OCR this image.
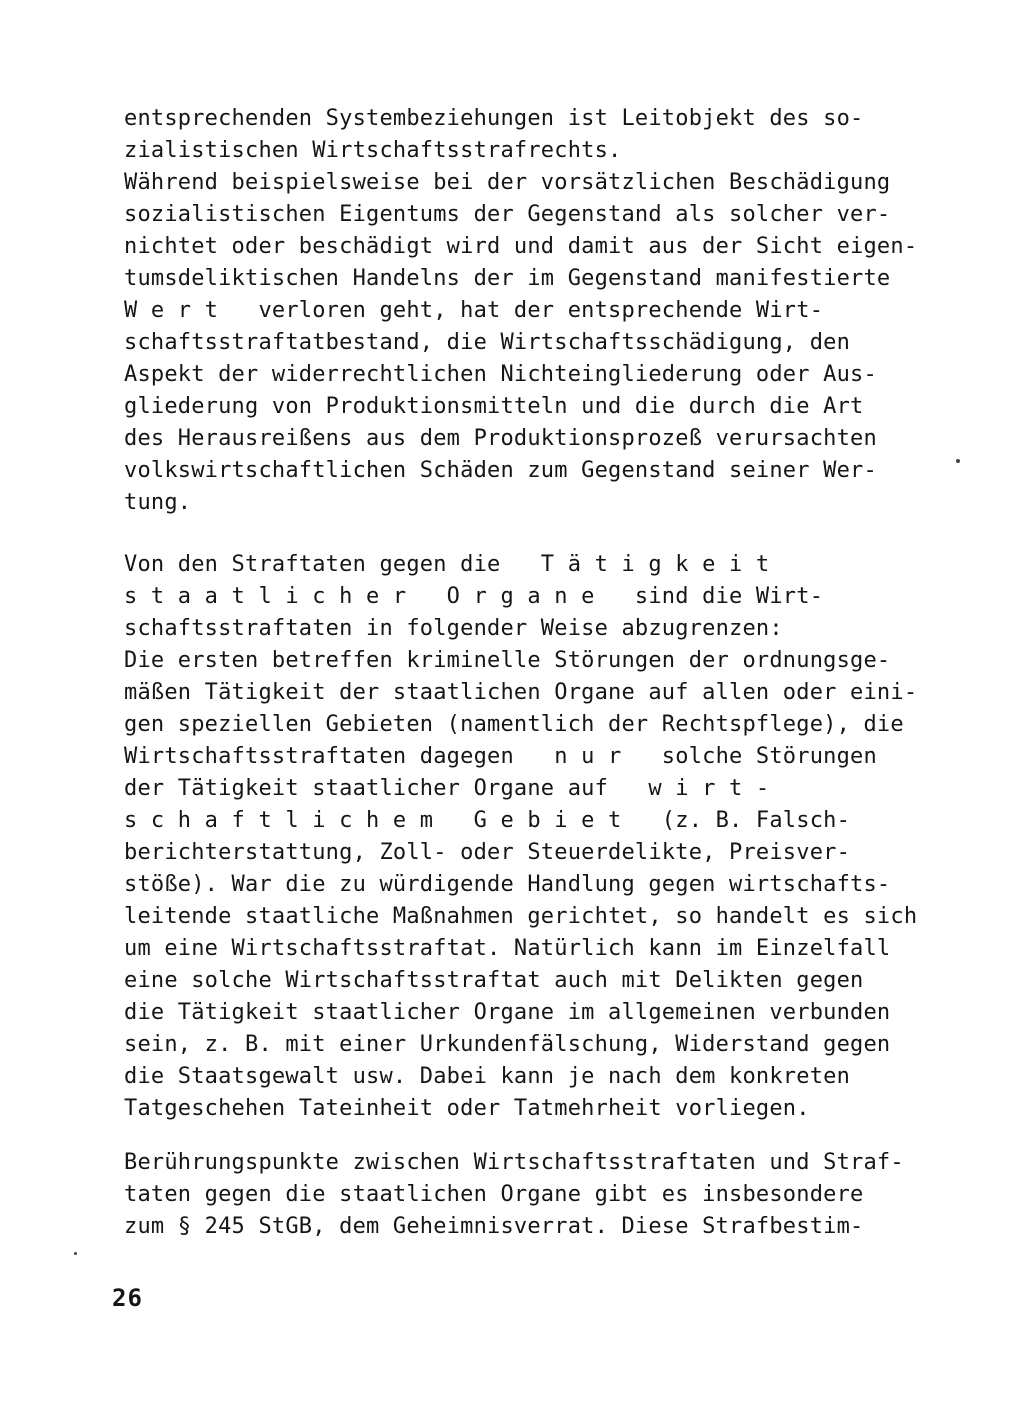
entsprechenden Systembeziehungen ist Leitobjekt des so-
zialistischen Wirtschaftsstrafrechts.
Während beispielsweise bei der vorsätzlichen Beschädigung
sozialistischen Eigentums der Gegenstand als solcher ver-
nichtet oder beschädigt wird und damit aus der Sicht eigen-
tumsdeliktischen Handelns der im Gegenstand manifestierte
W e r t   verloren geht, hat der entsprechende Wirt-
schaftsstraftatbestand, die Wirtschaftsschädigung, den
Aspekt der widerrechtlichen Nichteingliederung oder Aus-
gliederung von Produktionsmitteln und die durch die Art
des Herausreißens aus dem Produktionsprozeß verursachten
volkswirtschaftlichen Schäden zum Gegenstand seiner Wer-
tung.
Von den Straftaten gegen die   T ä t i g k e i t
s t a a t l i c h e r   O r g a n e   sind die Wirt-
schaftsstraftaten in folgender Weise abzugrenzen:
Die ersten betreffen kriminelle Störungen der ordnungsge-
mäßen Tätigkeit der staatlichen Organe auf allen oder eini-
gen speziellen Gebieten (namentlich der Rechtspflege), die
Wirtschaftsstraftaten dagegen   n u r   solche Störungen
der Tätigkeit staatlicher Organe auf   w i r t -
s c h a f t l i c h e m   G e b i e t   (z. B. Falsch-
berichterstattung, Zoll- oder Steuerdelikte, Preisver-
stöße). War die zu würdigende Handlung gegen wirtschafts-
leitende staatliche Maßnahmen gerichtet, so handelt es sich
um eine Wirtschaftsstraftat. Natürlich kann im Einzelfall
eine solche Wirtschaftsstraftat auch mit Delikten gegen
die Tätigkeit staatlicher Organe im allgemeinen verbunden
sein, z. B. mit einer Urkundenfälschung, Widerstand gegen
die Staatsgewalt usw. Dabei kann je nach dem konkreten
Tatgeschehen Tateinheit oder Tatmehrheit vorliegen.
Berührungspunkte zwischen Wirtschaftsstraftaten und Straf-
taten gegen die staatlichen Organe gibt es insbesondere
zum § 245 StGB, dem Geheimnisverrat. Diese Strafbestim-
26
